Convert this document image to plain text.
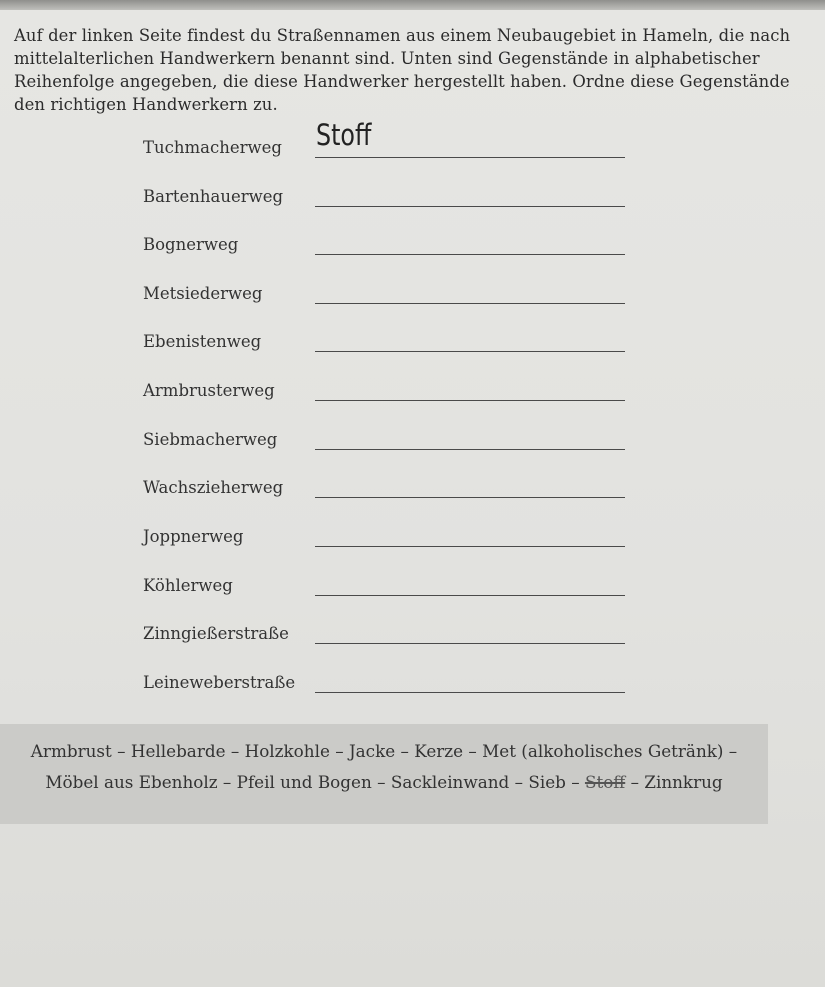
Auf der linken Seite findest du Straßennamen aus einem Neubaugebiet in Hameln, die nach mittelalterlichen Handwerkern benannt sind. Unten sind Gegenstände in alphabetischer Reihenfolge angegeben, die diese Handwerker hergestellt haben. Ordne diese Gegenstände den richtigen Handwerkern zu.

Tuchmacherweg Stoff
Bartenhauerweg
Bognerweg
Metsiederweg
Ebenistenweg
Armbrusterweg
Siebmacherweg
Wachszieherweg
Joppnerweg
Köhlerweg
Zinngießerstraße
Leineweberstraße
Armbrust – Hellebarde – Holzkohle – Jacke – Kerze – Met (alkoholisches Getränk) –
Möbel aus Ebenholz – Pfeil und Bogen – Sackleinwand – Sieb – Stoff – Zinnkrug
